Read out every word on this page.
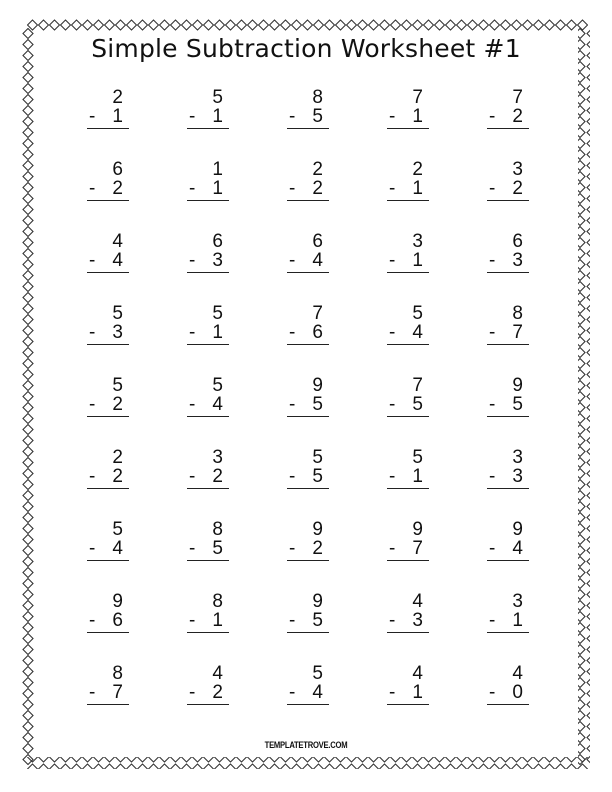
Simple Subtraction Worksheet #1
2
- 1
5
- 1
8
- 5
7
- 1
7
- 2
6
- 2
1
- 1
2
- 2
2
- 1
3
- 2
4
- 4
6
- 3
6
- 4
3
- 1
6
- 3
5
- 3
5
- 1
7
- 6
5
- 4
8
- 7
5
- 2
5
- 4
9
- 5
7
- 5
9
- 5
2
- 2
3
- 2
5
- 5
5
- 1
3
- 3
5
- 4
8
- 5
9
- 2
9
- 7
9
- 4
9
- 6
8
- 1
9
- 5
4
- 3
3
- 1
8
- 7
4
- 2
5
- 4
4
- 1
4
- 0
TEMPLATETROVE.COM
